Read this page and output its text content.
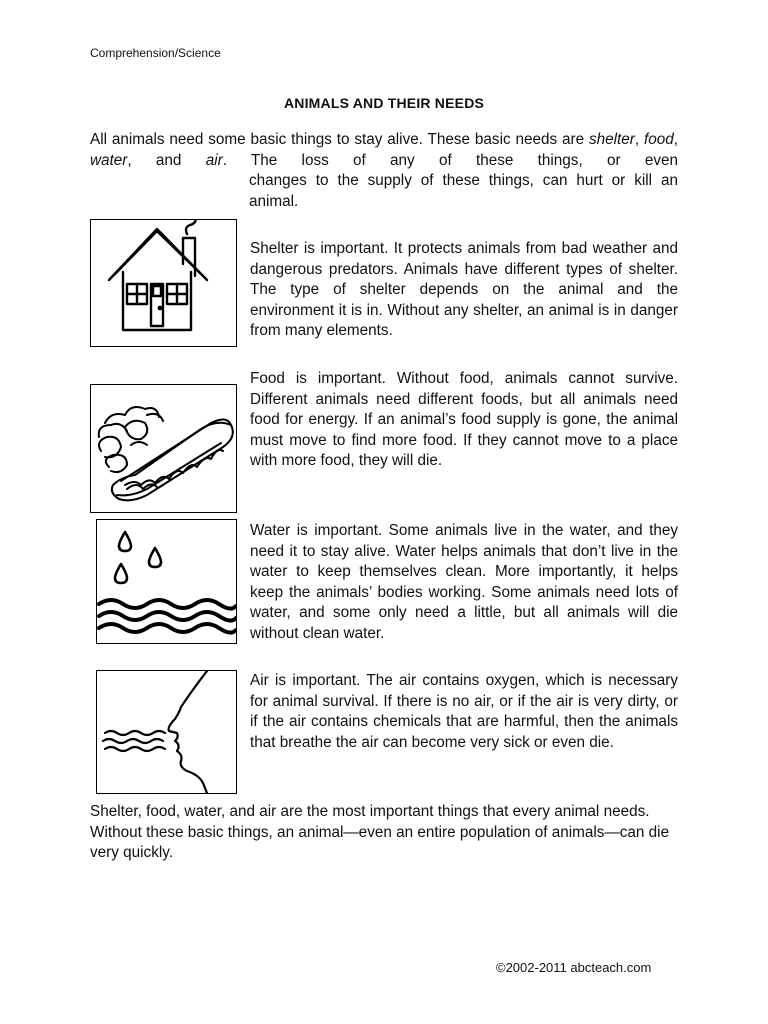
Comprehension/Science
ANIMALS AND THEIR NEEDS
All animals need some basic things to stay alive. These basic needs are shelter, food, water, and air. The loss of any of these things, or even
changes to the supply of these things, can hurt or kill an animal.
Shelter is important. It protects animals from bad weather and dangerous predators. Animals have different types of shelter. The type of shelter depends on the animal and the environment it is in. Without any shelter, an animal is in danger from many elements.
Food is important. Without food, animals cannot survive. Different animals need different foods, but all animals need food for energy. If an animal’s food supply is gone, the animal must move to find more food. If they cannot move to a place with more food, they will die.
Water is important. Some animals live in the water, and they need it to stay alive. Water helps animals that don’t live in the water to keep themselves clean. More importantly, it helps keep the animals’ bodies working. Some animals need lots of water, and some only need a little, but all animals will die without clean water.
Air is important. The air contains oxygen, which is necessary for animal survival. If there is no air, or if the air is very dirty, or if the air contains chemicals that are harmful, then the animals that breathe the air can become very sick or even die.
Shelter, food, water, and air are the most important things that every animal needs. Without these basic things, an animal—even an entire population of animals—can die very quickly.
©2002-2011 abcteach.com
